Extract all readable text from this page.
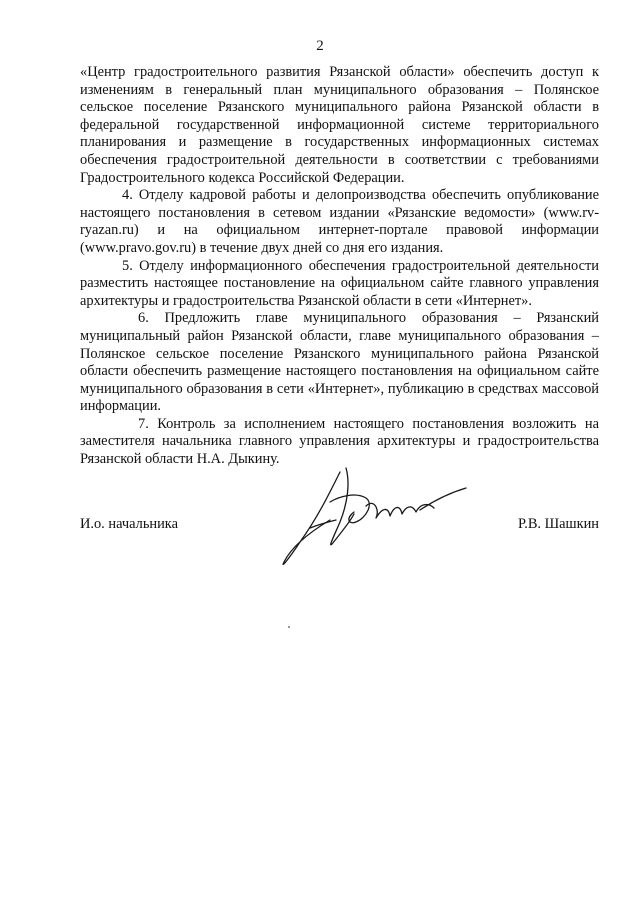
2

«Центр градостроительного развития Рязанской области» обеспечить доступ к изменениям в генеральный план муниципального образования – Полянское сельское поселение Рязанского муниципального района Рязанской области в федеральной государственной информационной системе территориального планирования и размещение в государственных информационных системах обеспечения градостроительной деятельности в соответствии с требованиями Градостроительного кодекса Российской Федерации.

4. Отделу кадровой работы и делопроизводства обеспечить опубликование настоящего постановления в сетевом издании «Рязанские ведомости» (www.rv-ryazan.ru) и на официальном интернет-портале правовой информации (www.pravo.gov.ru) в течение двух дней со дня его издания.

5. Отделу информационного обеспечения градостроительной деятельности разместить настоящее постановление на официальном сайте главного управления архитектуры и градостроительства Рязанской области в сети «Интернет».

6. Предложить главе муниципального образования – Рязанский муниципальный район Рязанской области, главе муниципального образования – Полянское сельское поселение Рязанского муниципального района Рязанской области обеспечить размещение настоящего постановления на официальном сайте муниципального образования в сети «Интернет», публикацию в средствах массовой информации.

7. Контроль за исполнением настоящего постановления возложить на заместителя начальника главного управления архитектуры и градостроительства Рязанской области Н.А. Дыкину.

И.о. начальника	Р.В. Шашкин
